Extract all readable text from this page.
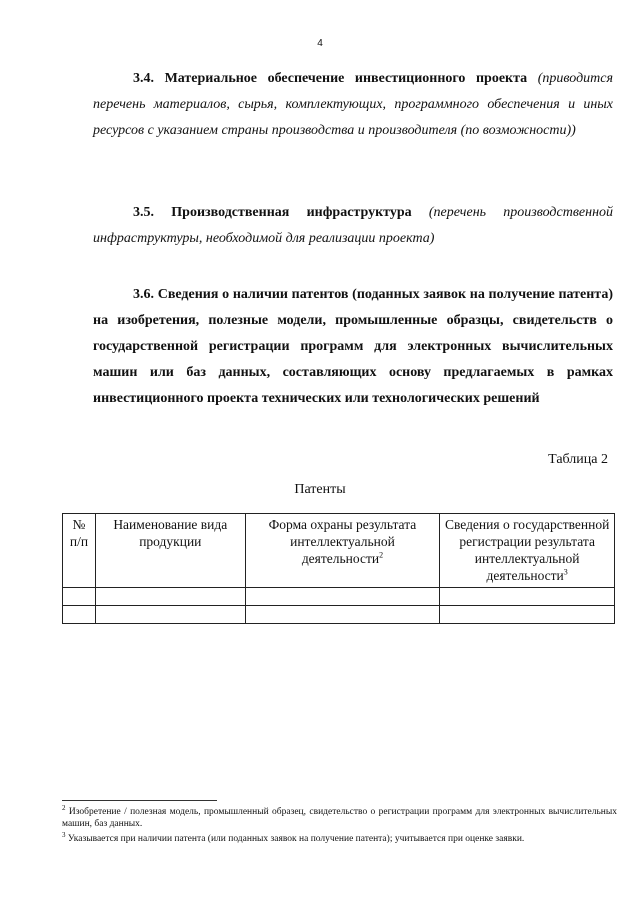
4
3.4. Материальное обеспечение инвестиционного проекта (приводится перечень материалов, сырья, комплектующих, программного обеспечения и иных ресурсов с указанием страны производства и производителя (по возможности))
3.5. Производственная инфраструктура (перечень производственной инфраструктуры, необходимой для реализации проекта)
3.6. Сведения о наличии патентов (поданных заявок на получение патента) на изобретения, полезные модели, промышленные образцы, свидетельств о государственной регистрации программ для электронных вычислительных машин или баз данных, составляющих основу предлагаемых в рамках инвестиционного проекта технических или технологических решений
Таблица 2
Патенты
№ п/п	Наименование вида продукции	Форма охраны результата интеллектуальной деятельности$^2$	Сведения о государственной регистрации результата интеллектуальной деятельности$^3$

$^2$ Изобретение / полезная модель, промышленный образец, свидетельство о регистрации программ для электронных вычислительных машин, баз данных.
$^3$ Указывается при наличии патента (или поданных заявок на получение патента); учитывается при оценке заявки.
